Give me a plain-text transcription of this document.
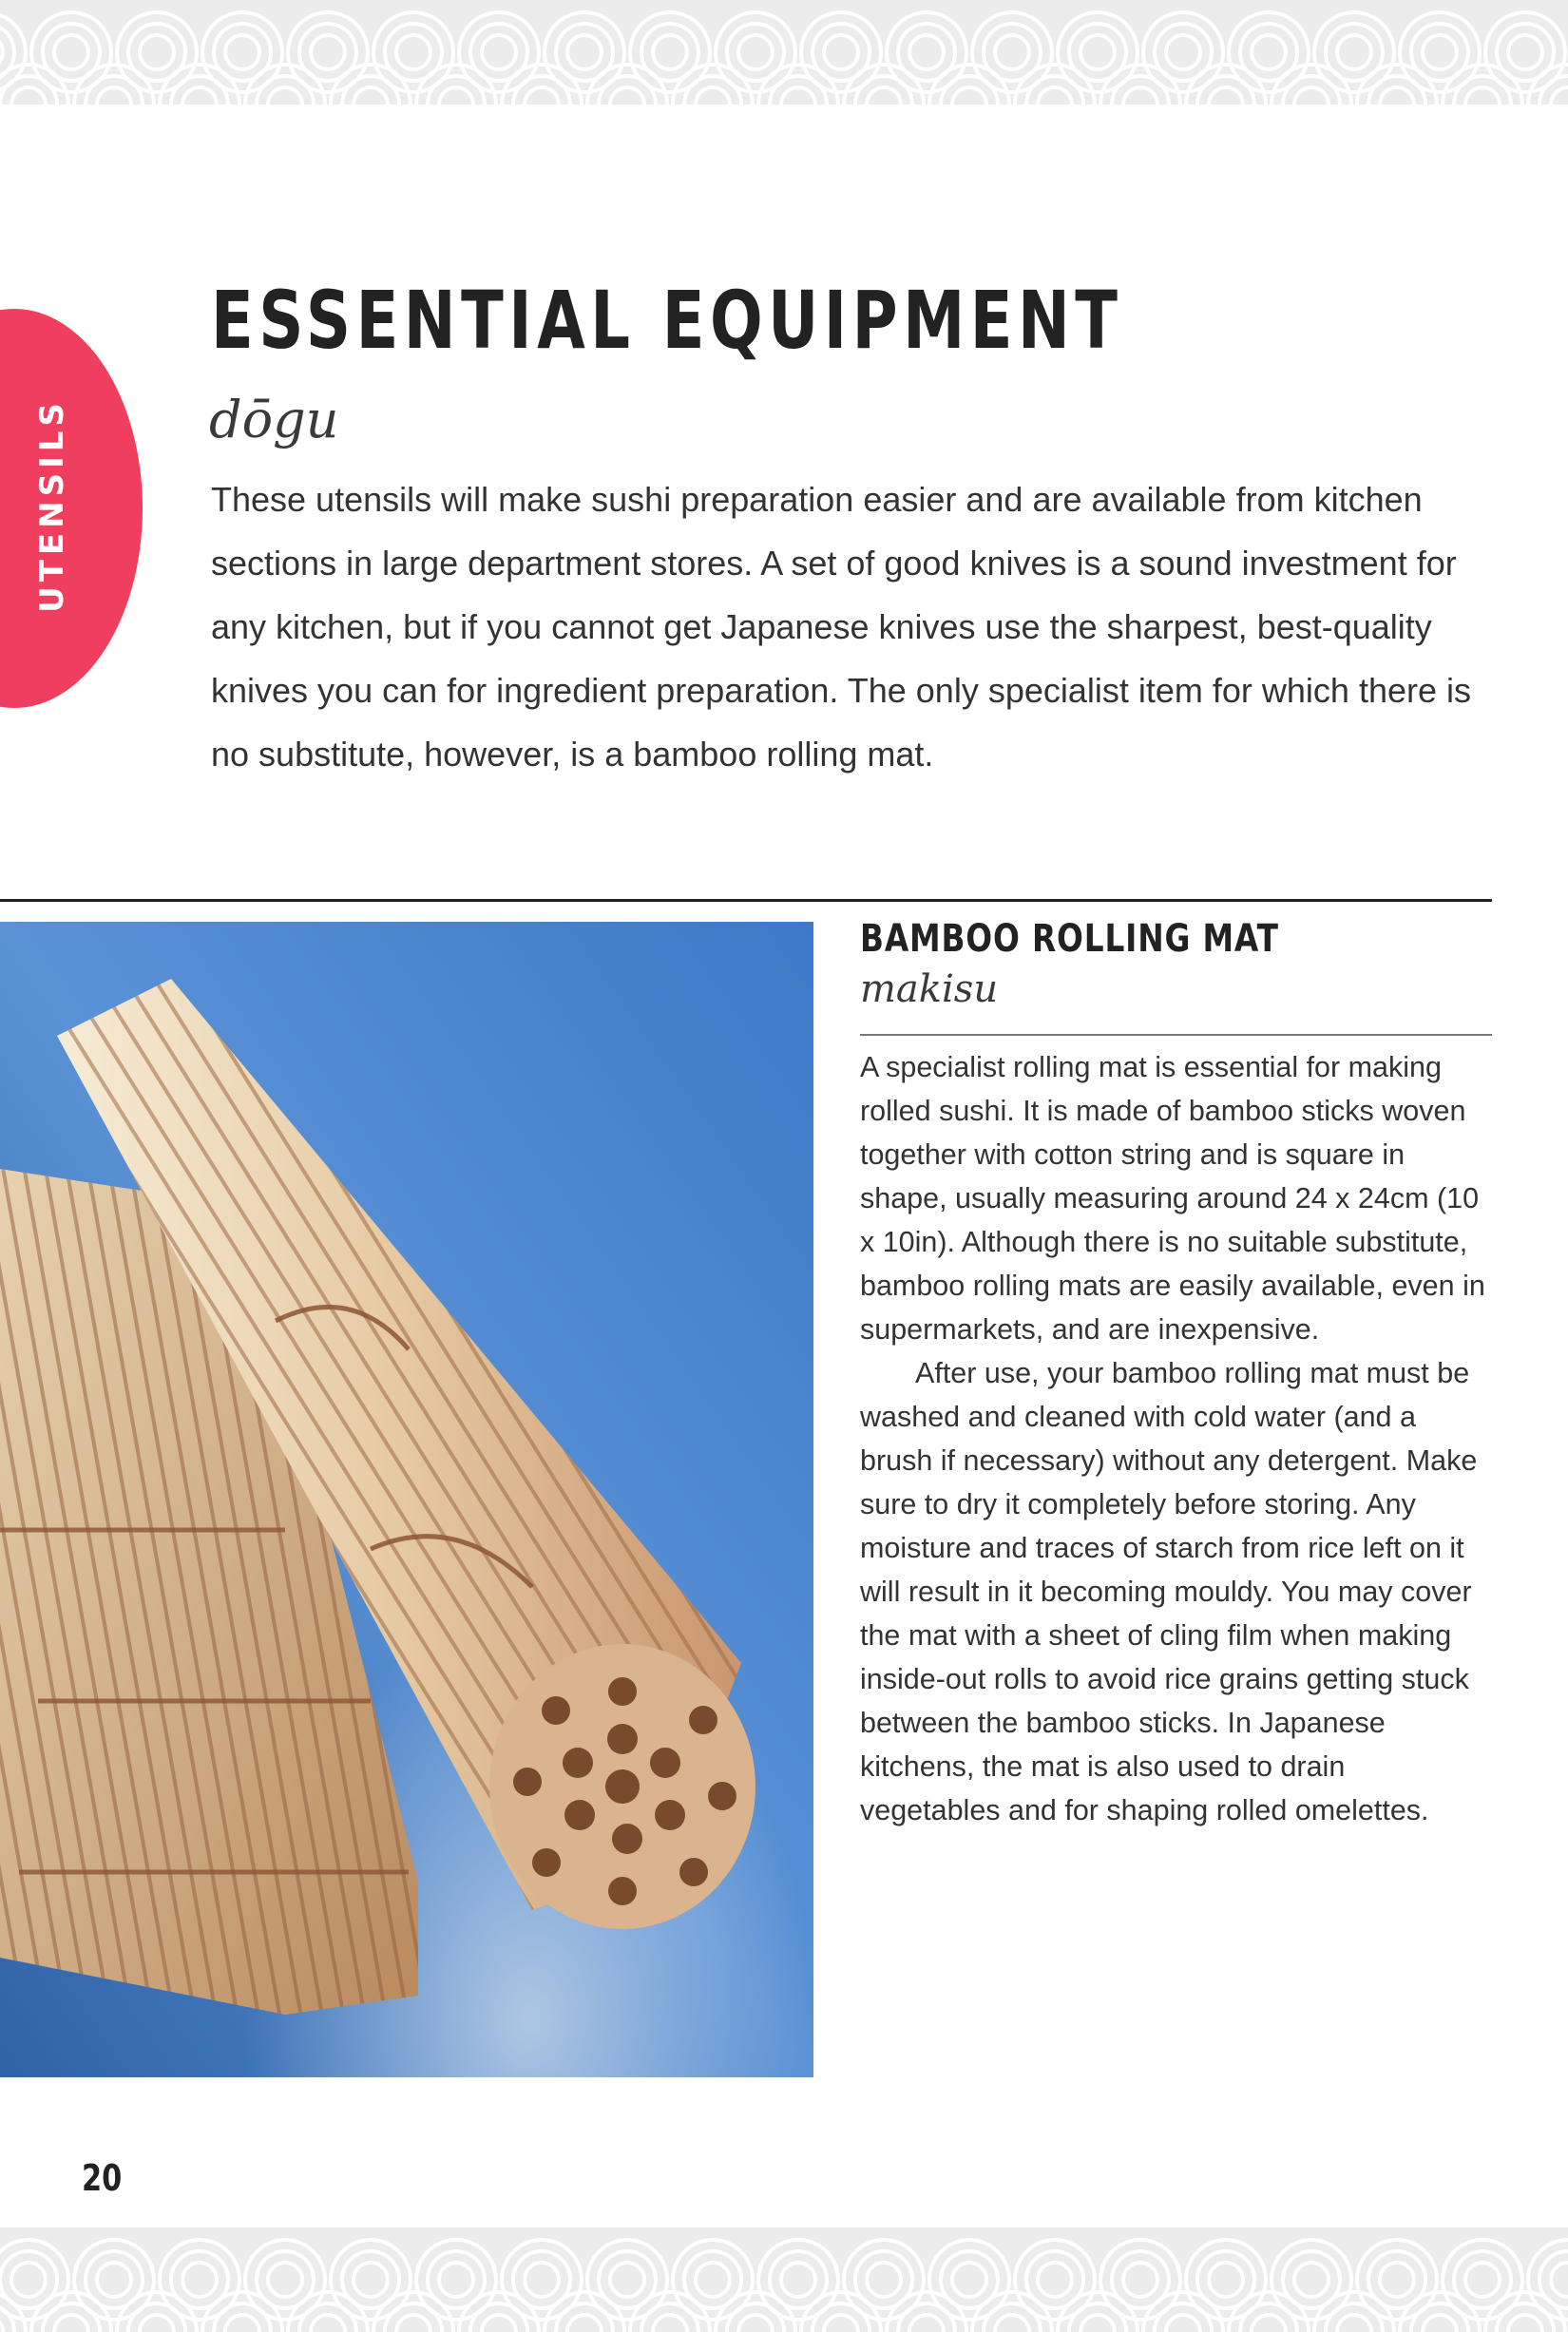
UTENSILS
ESSENTIAL EQUIPMENT
dōgu

These utensils will make sushi preparation easier and are available from kitchen sections in large department stores. A set of good knives is a sound investment for any kitchen, but if you cannot get Japanese knives use the sharpest, best-quality knives you can for ingredient preparation. The only specialist item for which there is no substitute, however, is a bamboo rolling mat.

BAMBOO ROLLING MAT
makisu

A specialist rolling mat is essential for making rolled sushi. It is made of bamboo sticks woven together with cotton string and is square in shape, usually measuring around 24 x 24cm (10 x 10in). Although there is no suitable substitute, bamboo rolling mats are easily available, even in supermarkets, and are inexpensive.

After use, your bamboo rolling mat must be washed and cleaned with cold water (and a brush if necessary) without any detergent. Make sure to dry it completely before storing. Any moisture and traces of starch from rice left on it will result in it becoming mouldy. You may cover the mat with a sheet of cling film when making inside-out rolls to avoid rice grains getting stuck between the bamboo sticks. In Japanese kitchens, the mat is also used to drain vegetables and for shaping rolled omelettes.

20
